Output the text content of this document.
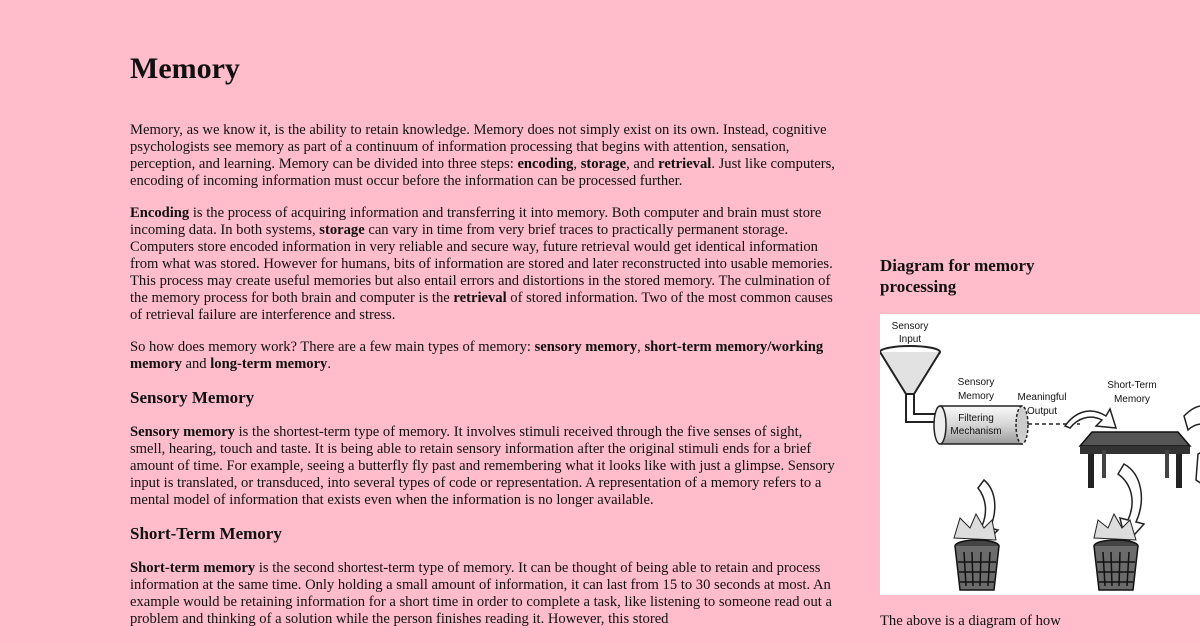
Memory

Memory, as we know it, is the ability to retain knowledge. Memory does not simply exist on its own. Instead, cognitive psychologists see memory as part of a continuum of information processing that begins with attention, sensation, perception, and learning. Memory can be divided into three steps: encoding, storage, and retrieval. Just like computers, encoding of incoming information must occur before the information can be processed further.

Encoding is the process of acquiring information and transferring it into memory. Both computer and brain must store incoming data. In both systems, storage can vary in time from very brief traces to practically permanent storage. Computers store encoded information in very reliable and secure way, future retrieval would get identical information from what was stored. However for humans, bits of information are stored and later reconstructed into usable memories. This process may create useful memories but also entail errors and distortions in the stored memory. The culmination of the memory process for both brain and computer is the retrieval of stored information. Two of the most common causes of retrieval failure are interference and stress.

So how does memory work? There are a few main types of memory: sensory memory, short-term memory/working memory and long-term memory.

Sensory Memory

Sensory memory is the shortest-term type of memory. It involves stimuli received through the five senses of sight, smell, hearing, touch and taste. It is being able to retain sensory information after the original stimuli ends for a brief amount of time. For example, seeing a butterfly fly past and remembering what it looks like with just a glimpse. Sensory input is translated, or transduced, into several types of code or representation. A representation of a memory refers to a mental model of information that exists even when the information is no longer available.

Short-Term Memory

Short-term memory is the second shortest-term type of memory. It can be thought of being able to retain and process information at the same time. Only holding a small amount of information, it can last from 15 to 30 seconds at most. An example would be retaining information for a short time in order to complete a task, like listening to someone read out a problem and thinking of a solution while the person finishes reading it. However, this stored

Diagram for memory processing
Sensory
Input
Sensory
Memory
Filtering
Mechanism
Meaningful
Output
Short-Term
Memory
The above is a diagram of how
